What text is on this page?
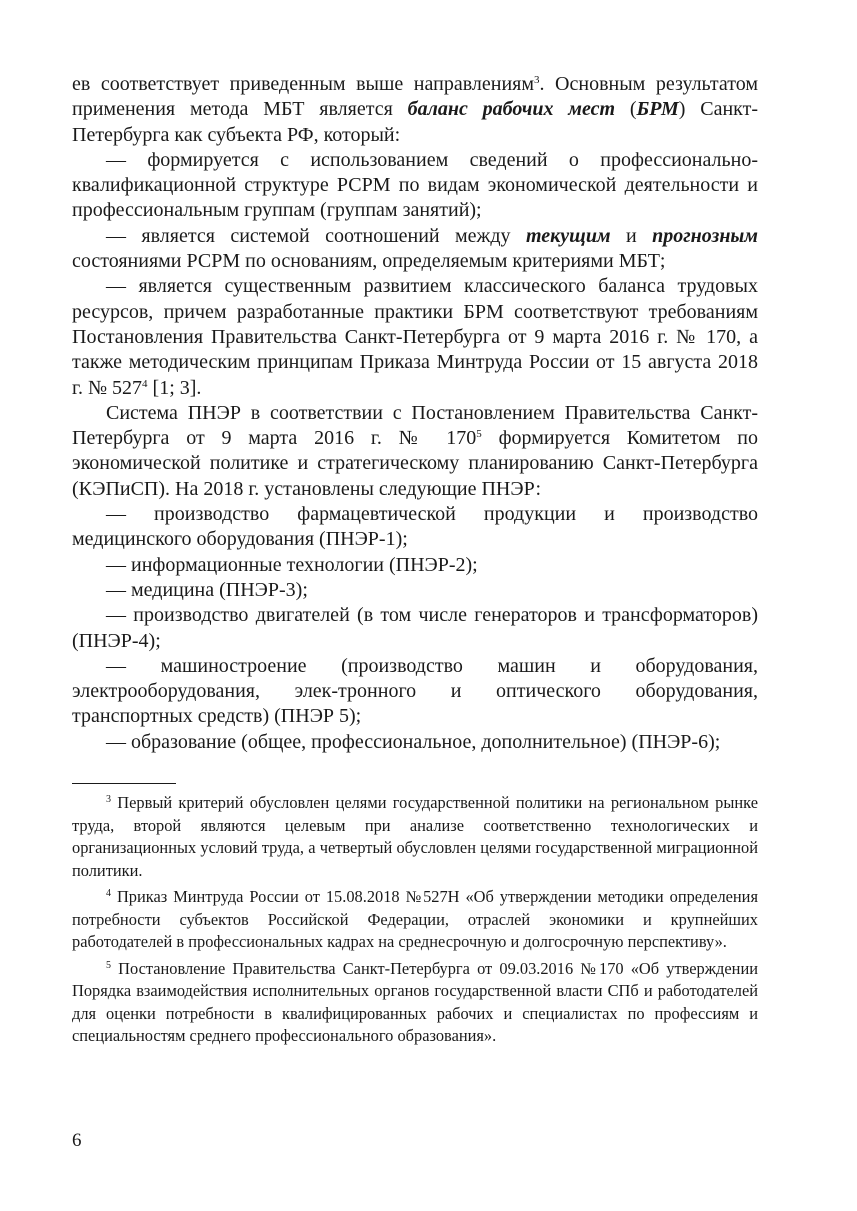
ев соответствует приведенным выше направлениям$^3$. Основным результатом применения метода МБТ является баланс рабочих мест (БРМ) Санкт-Петербурга как субъекта РФ, который:

— формируется с использованием сведений о профессионально-квалификационной структуре РСРМ по видам экономической деятельности и профессиональным группам (группам занятий);

— является системой соотношений между текущим и прогнозным состояниями РСРМ по основаниям, определяемым критериями МБТ;

— является существенным развитием классического баланса трудовых ресурсов, причем разработанные практики БРМ соответствуют требованиям Постановления Правительства Санкт-Петербурга от 9 марта 2016 г. № 170, а также методическим принципам Приказа Минтруда России от 15 августа 2018 г. № $527^4$ [1; 3].

Система ПНЭР в соответствии с Постановлением Правительства Санкт-Петербурга от 9 марта 2016 г. № $170^5$ формируется Комитетом по экономической политике и стратегическому планированию Санкт-Петербурга (КЭПиСП). На 2018 г. установлены следующие ПНЭР:

— производство фармацевтической продукции и производство медицинского оборудования (ПНЭР-1);

— информационные технологии (ПНЭР-2);

— медицина (ПНЭР-3);

— производство двигателей (в том числе генераторов и трансформаторов) (ПНЭР-4);

— машиностроение (производство машин и оборудования, электрооборудования, элек-тронного и оптического оборудования, транспортных средств) (ПНЭР 5);

— образование (общее, профессиональное, дополнительное) (ПНЭР-6);

$^3$ Первый критерий обусловлен целями государственной политики на региональном рынке труда, второй являются целевым при анализе соответственно технологических и организационных условий труда, а четвертый обусловлен целями государственной миграционной политики.

$^4$ Приказ Минтруда России от 15.08.2018 №527Н «Об утверждении методики определения потребности субъектов Российской Федерации, отраслей экономики и крупнейших работодателей в профессиональных кадрах на среднесрочную и долгосрочную перспективу».

$^5$ Постановление Правительства Санкт-Петербурга от 09.03.2016 №170 «Об утверждении Порядка взаимодействия исполнительных органов государственной власти СПб и работодателей для оценки потребности в квалифицированных рабочих и специалистах по профессиям и специальностям среднего профессионального образования».

6
